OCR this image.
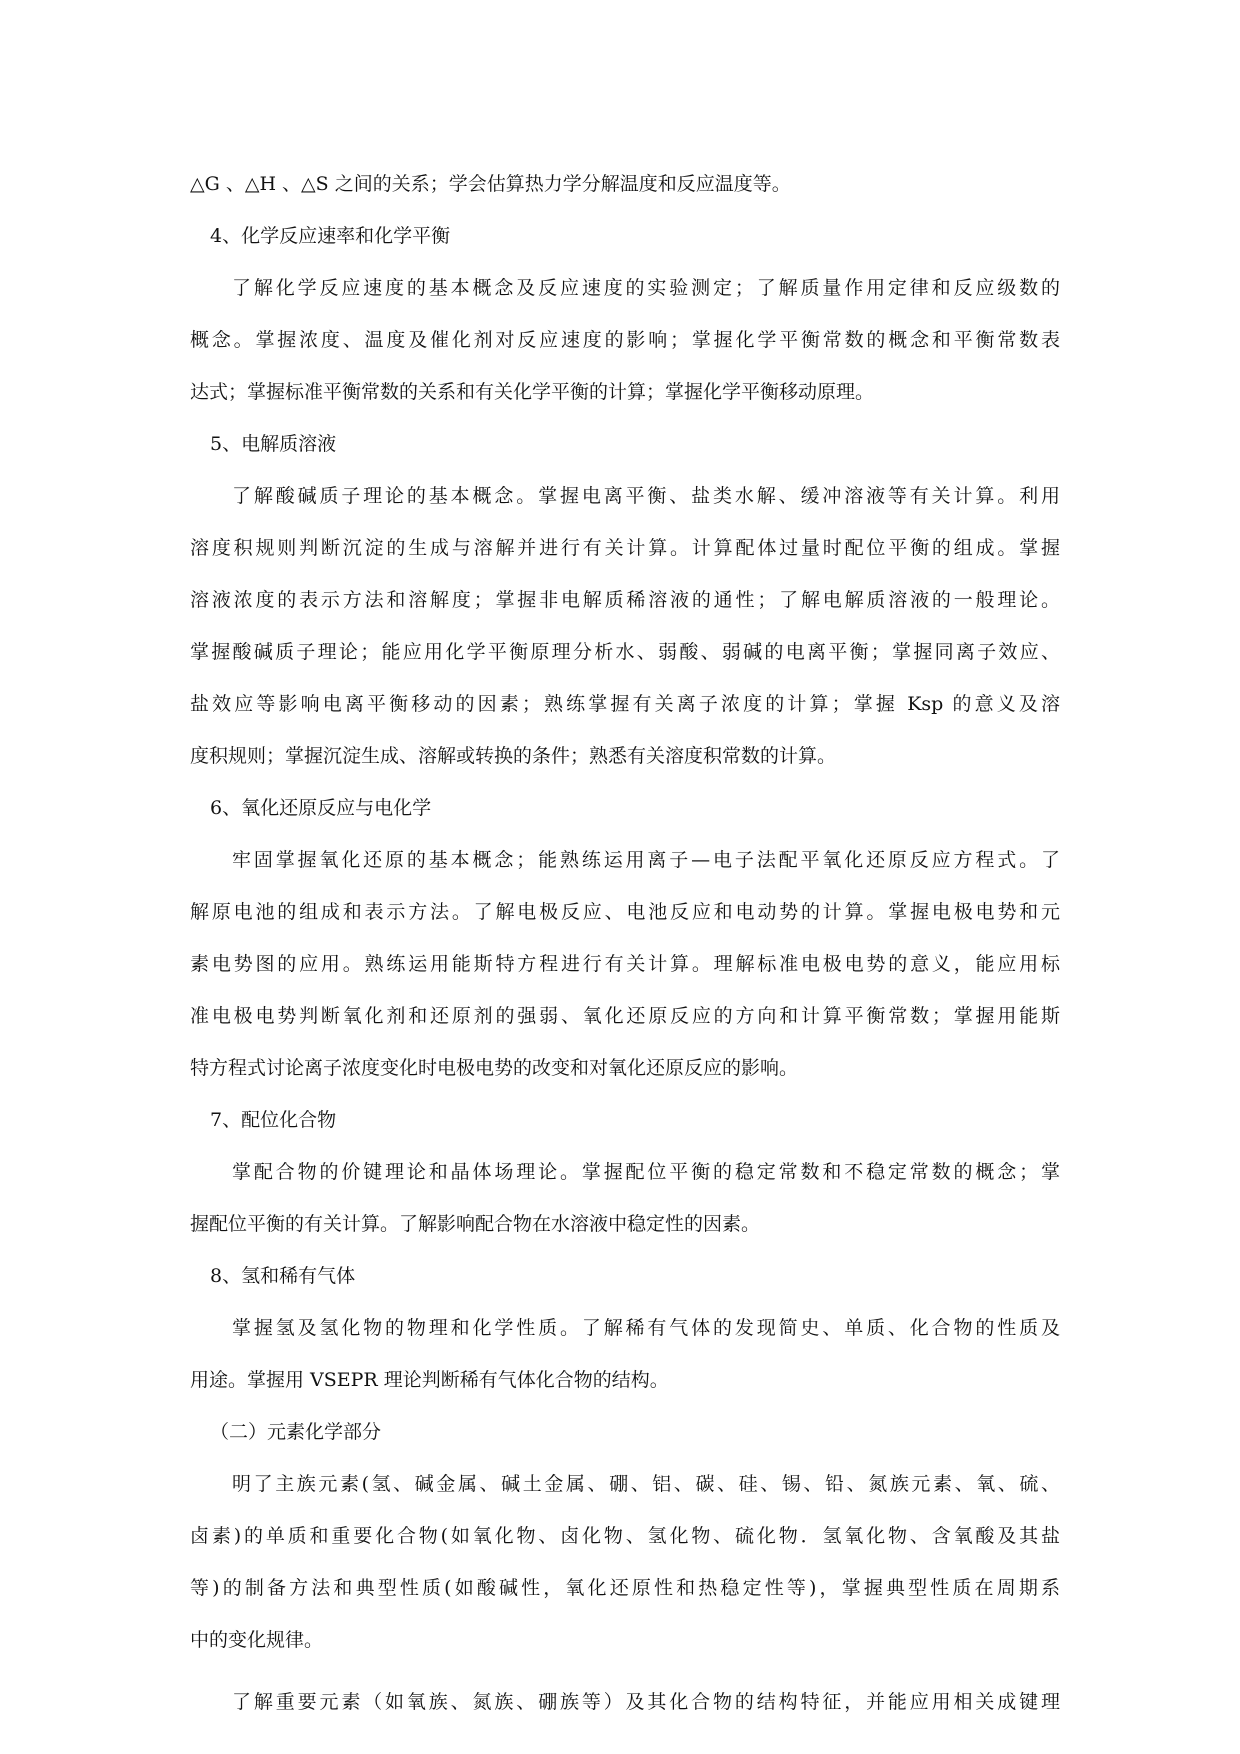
△G 、△H 、△S 之间的关系；学会估算热力学分解温度和反应温度等。
4、化学反应速率和化学平衡
了解化学反应速度的基本概念及反应速度的实验测定；了解质量作用定律和反应级数的
概念。掌握浓度、温度及催化剂对反应速度的影响；掌握化学平衡常数的概念和平衡常数表
达式；掌握标准平衡常数的关系和有关化学平衡的计算；掌握化学平衡移动原理。
5、电解质溶液
了解酸碱质子理论的基本概念。掌握电离平衡、盐类水解、缓冲溶液等有关计算。利用
溶度积规则判断沉淀的生成与溶解并进行有关计算。计算配体过量时配位平衡的组成。掌握
溶液浓度的表示方法和溶解度；掌握非电解质稀溶液的通性；了解电解质溶液的一般理论。
掌握酸碱质子理论；能应用化学平衡原理分析水、弱酸、弱碱的电离平衡；掌握同离子效应、
盐效应等影响电离平衡移动的因素；熟练掌握有关离子浓度的计算；掌握 Ksp 的意义及溶
度积规则；掌握沉淀生成、溶解或转换的条件；熟悉有关溶度积常数的计算。
6、氧化还原反应与电化学
牢固掌握氧化还原的基本概念；能熟练运用离子—电子法配平氧化还原反应方程式。了
解原电池的组成和表示方法。了解电极反应、电池反应和电动势的计算。掌握电极电势和元
素电势图的应用。熟练运用能斯特方程进行有关计算。理解标准电极电势的意义，能应用标
准电极电势判断氧化剂和还原剂的强弱、氧化还原反应的方向和计算平衡常数；掌握用能斯
特方程式讨论离子浓度变化时电极电势的改变和对氧化还原反应的影响。
7、配位化合物
掌配合物的价键理论和晶体场理论。掌握配位平衡的稳定常数和不稳定常数的概念；掌
握配位平衡的有关计算。了解影响配合物在水溶液中稳定性的因素。
8、氢和稀有气体
掌握氢及氢化物的物理和化学性质。了解稀有气体的发现简史、单质、化合物的性质及
用途。掌握用 VSEPR 理论判断稀有气体化合物的结构。
（二）元素化学部分
明了主族元素(氢、碱金属、碱土金属、硼、铝、碳、硅、锡、铅、氮族元素、氧、硫、
卤素)的单质和重要化合物(如氧化物、卤化物、氢化物、硫化物．氢氧化物、含氧酸及其盐
等)的制备方法和典型性质(如酸碱性，氧化还原性和热稳定性等)，掌握典型性质在周期系
中的变化规律。
了解重要元素（如氧族、氮族、硼族等）及其化合物的结构特征，并能应用相关成键理
